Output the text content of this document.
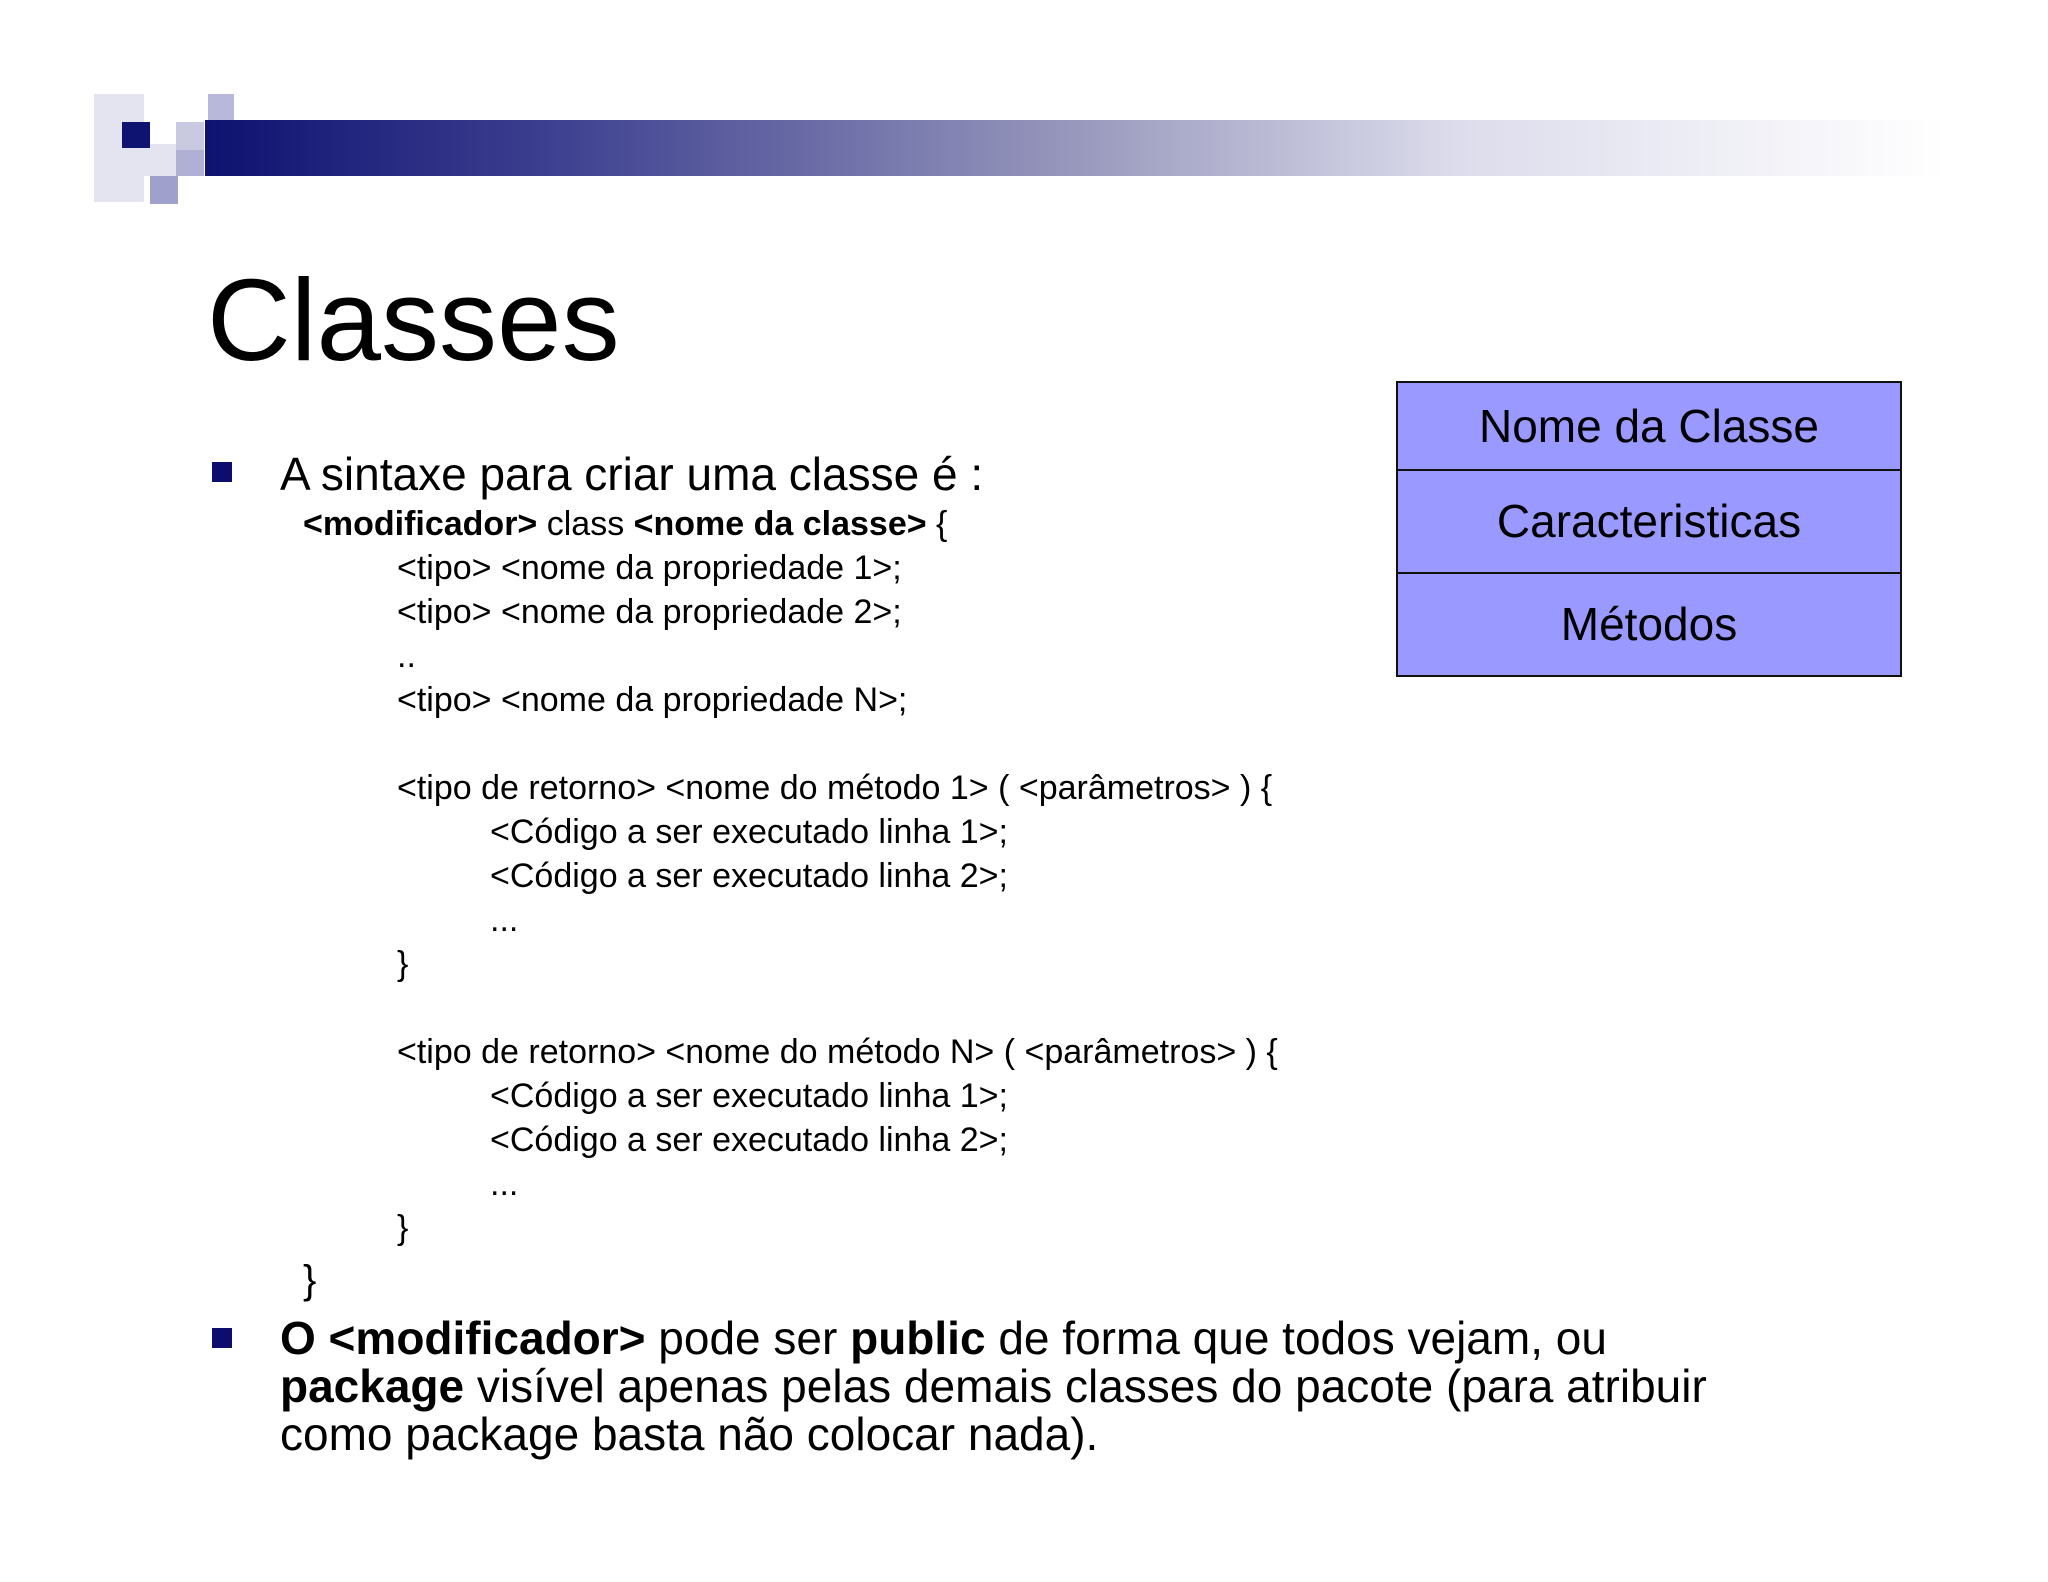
Classes
A sintaxe para criar uma classe é :
<modificador> class <nome da classe> {
<tipo> <nome da propriedade 1>;
<tipo> <nome da propriedade 2>;
..
<tipo> <nome da propriedade N>;
<tipo de retorno> <nome do método 1> ( <parâmetros> ) {
<Código a ser executado linha 1>;
<Código a ser executado linha 2>;
...
}
<tipo de retorno> <nome do método N> ( <parâmetros> ) {
<Código a ser executado linha 1>;
<Código a ser executado linha 2>;
...
}
}
O <modificador> pode ser public de forma que todos vejam, ou
package visível apenas pelas demais classes do pacote (para atribuir
como package basta não colocar nada).
Nome da Classe
Caracteristicas
Métodos
